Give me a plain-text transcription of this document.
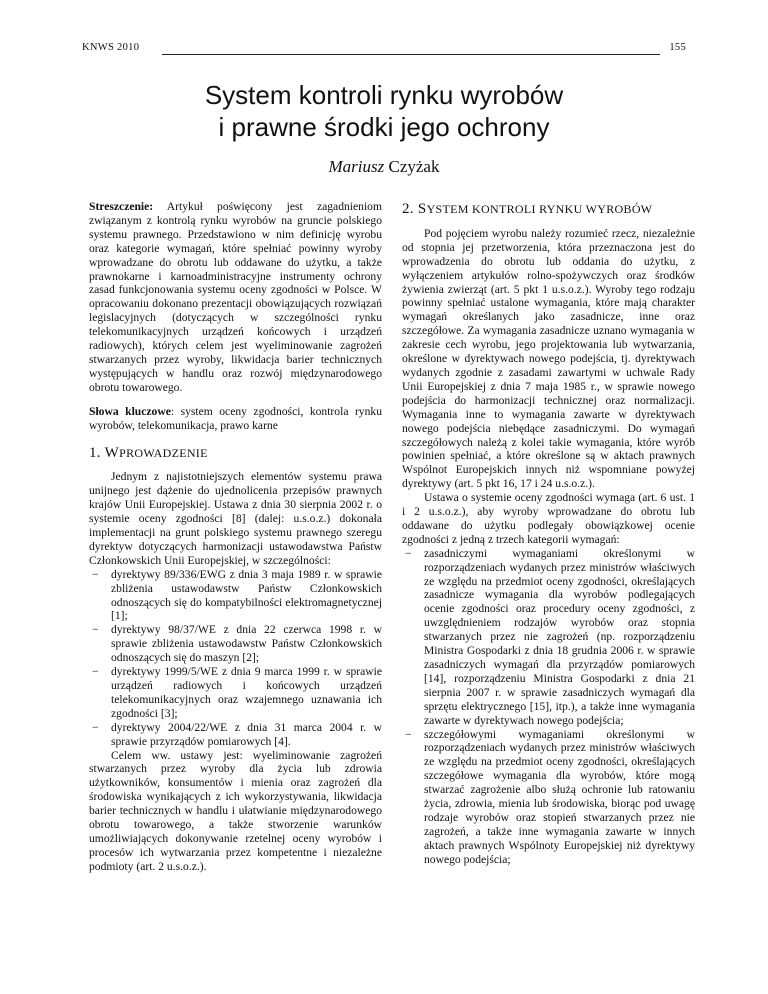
KNWS 2010	155
System kontroli rynku wyrobów
i prawne środki jego ochrony
Mariusz Czyżak

Streszczenie: Artykuł poświęcony jest zagadnieniom związanym z kontrolą rynku wyrobów na gruncie polskiego systemu prawnego. Przedstawiono w nim definicję wyrobu oraz kategorie wymagań, które spełniać powinny wyroby wprowadzane do obrotu lub oddawane do użytku, a także prawnokarne i karnoadministracyjne instrumenty ochrony zasad funkcjonowania systemu oceny zgodności w Polsce. W opracowaniu dokonano prezentacji obowiązujących rozwiązań legislacyjnych (dotyczących w szczególności rynku telekomunikacyjnych urządzeń końcowych i urządzeń radiowych), których celem jest wyeliminowanie zagrożeń stwarzanych przez wyroby, likwidacja barier technicznych występujących w handlu oraz rozwój międzynarodowego obrotu towarowego.

Słowa kluczowe: system oceny zgodności, kontrola rynku wyrobów, telekomunikacja, prawo karne

1. WPROWADZENIE

Jednym z najistotniejszych elementów systemu prawa unijnego jest dążenie do ujednolicenia przepisów prawnych krajów Unii Europejskiej. Ustawa z dnia 30 sierpnia 2002 r. o systemie oceny zgodności [8] (dalej: u.s.o.z.) dokonała implementacji na grunt polskiego systemu prawnego szeregu dyrektyw dotyczących harmonizacji ustawodawstwa Państw Członkowskich Unii Europejskiej, w szczególności:

− dyrektywy 89/336/EWG z dnia 3 maja 1989 r. w sprawie zbliżenia ustawodawstw Państw Członkowskich odnoszących się do kompatybilności elektromagnetycznej [1];
− dyrektywy 98/37/WE z dnia 22 czerwca 1998 r. w sprawie zbliżenia ustawodawstw Państw Członkowskich odnoszących się do maszyn [2];
− dyrektywy 1999/5/WE z dnia 9 marca 1999 r. w sprawie urządzeń radiowych i końcowych urządzeń telekomunikacyjnych oraz wzajemnego uznawania ich zgodności [3];
− dyrektywy 2004/22/WE z dnia 31 marca 2004 r. w sprawie przyrządów pomiarowych [4].

Celem ww. ustawy jest: wyeliminowanie zagrożeń stwarzanych przez wyroby dla życia lub zdrowia użytkowników, konsumentów i mienia oraz zagrożeń dla środowiska wynikających z ich wykorzystywania, likwidacja barier technicznych w handlu i ułatwianie międzynarodowego obrotu towarowego, a także stworzenie warunków umożliwiających dokonywanie rzetelnej oceny wyrobów i procesów ich wytwarzania przez kompetentne i niezależne podmioty (art. 2 u.s.o.z.).

2. SYSTEM KONTROLI RYNKU WYROBÓW

Pod pojęciem wyrobu należy rozumieć rzecz, niezależnie od stopnia jej przetworzenia, która przeznaczona jest do wprowadzenia do obrotu lub oddania do użytku, z wyłączeniem artykułów rolno-spożywczych oraz środków żywienia zwierząt (art. 5 pkt 1 u.s.o.z.). Wyroby tego rodzaju powinny spełniać ustalone wymagania, które mają charakter wymagań określanych jako zasadnicze, inne oraz szczegółowe. Za wymagania zasadnicze uznano wymagania w zakresie cech wyrobu, jego projektowania lub wytwarzania, określone w dyrektywach nowego podejścia, tj. dyrektywach wydanych zgodnie z zasadami zawartymi w uchwale Rady Unii Europejskiej z dnia 7 maja 1985 r., w sprawie nowego podejścia do harmonizacji technicznej oraz normalizacji. Wymagania inne to wymagania zawarte w dyrektywach nowego podejścia niebędące zasadniczymi. Do wymagań szczegółowych należą z kolei takie wymagania, które wyrób powinien spełniać, a które określone są w aktach prawnych Wspólnot Europejskich innych niż wspomniane powyżej dyrektywy (art. 5 pkt 16, 17 i 24 u.s.o.z.).

Ustawa o systemie oceny zgodności wymaga (art. 6 ust. 1 i 2 u.s.o.z.), aby wyroby wprowadzane do obrotu lub oddawane do użytku podlegały obowiązkowej ocenie zgodności z jedną z trzech kategorii wymagań:

− zasadniczymi wymaganiami określonymi w rozporządzeniach wydanych przez ministrów właściwych ze względu na przedmiot oceny zgodności, określających zasadnicze wymagania dla wyrobów podlegających ocenie zgodności oraz procedury oceny zgodności, z uwzględnieniem rodzajów wyrobów oraz stopnia stwarzanych przez nie zagrożeń (np. rozporządzeniu Ministra Gospodarki z dnia 18 grudnia 2006 r. w sprawie zasadniczych wymagań dla przyrządów pomiarowych [14], rozporządzeniu Ministra Gospodarki z dnia 21 sierpnia 2007 r. w sprawie zasadniczych wymagań dla sprzętu elektrycznego [15], itp.), a także inne wymagania zawarte w dyrektywach nowego podejścia;
− szczegółowymi wymaganiami określonymi w rozporządzeniach wydanych przez ministrów właściwych ze względu na przedmiot oceny zgodności, określających szczegółowe wymagania dla wyrobów, które mogą stwarzać zagrożenie albo służą ochronie lub ratowaniu życia, zdrowia, mienia lub środowiska, biorąc pod uwagę rodzaje wyrobów oraz stopień stwarzanych przez nie zagrożeń, a także inne wymagania zawarte w innych aktach prawnych Wspólnoty Europejskiej niż dyrektywy nowego podejścia;
